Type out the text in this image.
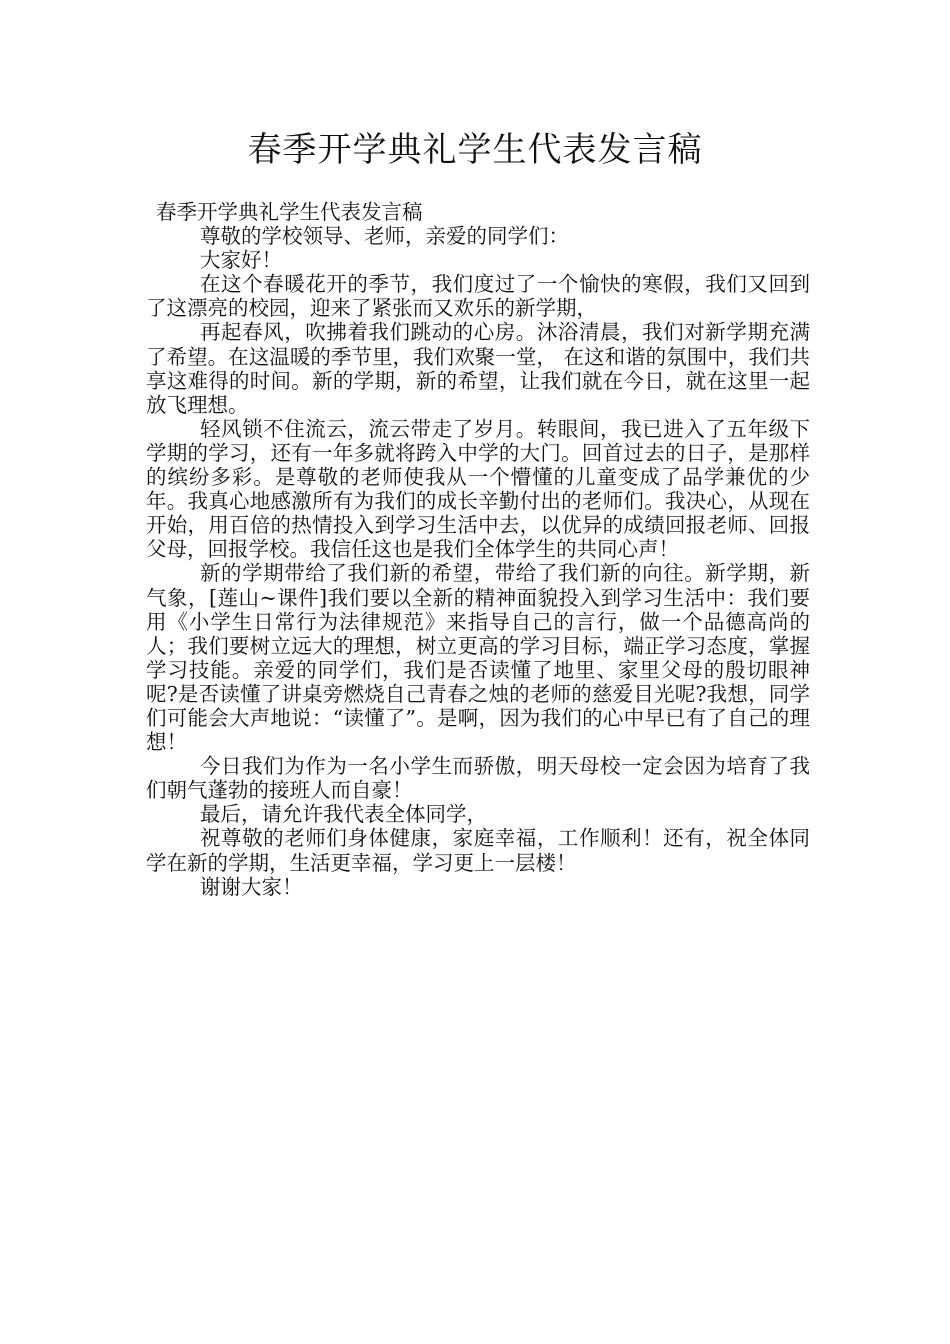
春季开学典礼学生代表发言稿

春季开学典礼学生代表发言稿

尊敬的学校领导、老师，亲爱的同学们：

大家好！

在这个春暖花开的季节，我们度过了一个愉快的寒假，我们又回到了这漂亮的校园，迎来了紧张而又欢乐的新学期，

再起春风，吹拂着我们跳动的心房。沐浴清晨，我们对新学期充满了希望。在这温暖的季节里，我们欢聚一堂， 在这和谐的氛围中，我们共享这难得的时间。新的学期，新的希望，让我们就在今日，就在这里一起放飞理想。

轻风锁不住流云，流云带走了岁月。转眼间，我已进入了五年级下学期的学习，还有一年多就将跨入中学的大门。回首过去的日子，是那样的缤纷多彩。是尊敬的老师使我从一个懵懂的儿童变成了品学兼优的少年。我真心地感激所有为我们的成长辛勤付出的老师们。我决心，从现在开始，用百倍的热情投入到学习生活中去，以优异的成绩回报老师、回报父母，回报学校。我信任这也是我们全体学生的共同心声！

新的学期带给了我们新的希望，带给了我们新的向往。新学期，新气象，[莲山~课件]我们要以全新的精神面貌投入到学习生活中：我们要用《小学生日常行为法律规范》来指导自己的言行，做一个品德高尚的人；我们要树立远大的理想，树立更高的学习目标，端正学习态度，掌握学习技能。亲爱的同学们，我们是否读懂了地里、家里父母的殷切眼神呢?是否读懂了讲桌旁燃烧自己青春之烛的老师的慈爱目光呢?我想，同学们可能会大声地说：“读懂了”。是啊，因为我们的心中早已有了自己的理想！

今日我们为作为一名小学生而骄傲，明天母校一定会因为培育了我们朝气蓬勃的接班人而自豪！

最后，请允许我代表全体同学，

祝尊敬的老师们身体健康，家庭幸福，工作顺利！还有，祝全体同学在新的学期，生活更幸福，学习更上一层楼！

谢谢大家！
